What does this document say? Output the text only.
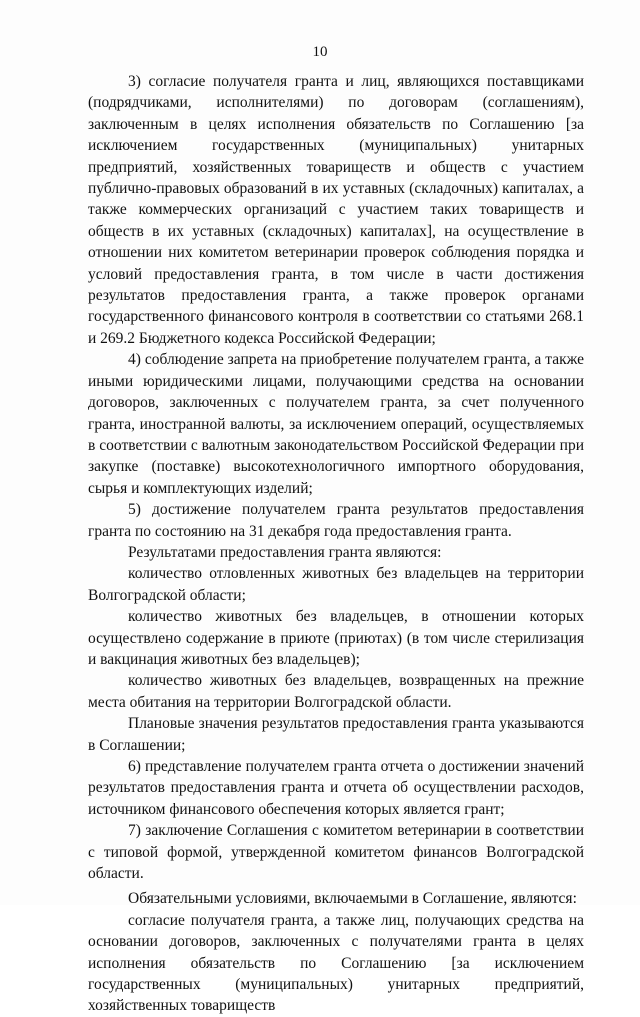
10

3) согласие получателя гранта и лиц, являющихся поставщиками (подрядчиками, исполнителями) по договорам (соглашениям), заключенным в целях исполнения обязательств по Соглашению [за исключением государственных (муниципальных) унитарных предприятий, хозяйственных товариществ и обществ с участием публично-правовых образований в их уставных (складочных) капиталах, а также коммерческих организаций с участием таких товариществ и обществ в их уставных (складочных) капиталах], на осуществление в отношении них комитетом ветеринарии проверок соблюдения порядка и условий предоставления гранта, в том числе в части достижения результатов предоставления гранта, а также проверок органами государственного финансового контроля в соответствии со статьями 268.1 и 269.2 Бюджетного кодекса Российской Федерации;

4) соблюдение запрета на приобретение получателем гранта, а также иными юридическими лицами, получающими средства на основании договоров, заключенных с получателем гранта, за счет полученного гранта, иностранной валюты, за исключением операций, осуществляемых в соответствии с валютным законодательством Российской Федерации при закупке (поставке) высокотехнологичного импортного оборудования, сырья и комплектующих изделий;

5) достижение получателем гранта результатов предоставления гранта по состоянию на 31 декабря года предоставления гранта.

Результатами предоставления гранта являются:

количество отловленных животных без владельцев на территории Волгоградской области;

количество животных без владельцев, в отношении которых осуществлено содержание в приюте (приютах) (в том числе стерилизация и вакцинация животных без владельцев);

количество животных без владельцев, возвращенных на прежние места обитания на территории Волгоградской области.

Плановые значения результатов предоставления гранта указываются в Соглашении;

6) представление получателем гранта отчета о достижении значений результатов предоставления гранта и отчета об осуществлении расходов, источником финансового обеспечения которых является грант;

7) заключение Соглашения с комитетом ветеринарии в соответствии с типовой формой, утвержденной комитетом финансов Волгоградской области.

Обязательными условиями, включаемыми в Соглашение, являются:

согласие получателя гранта, а также лиц, получающих средства на основании договоров, заключенных с получателями гранта в целях исполнения обязательств по Соглашению [за исключением государственных (муниципальных) унитарных предприятий, хозяйственных товариществ
